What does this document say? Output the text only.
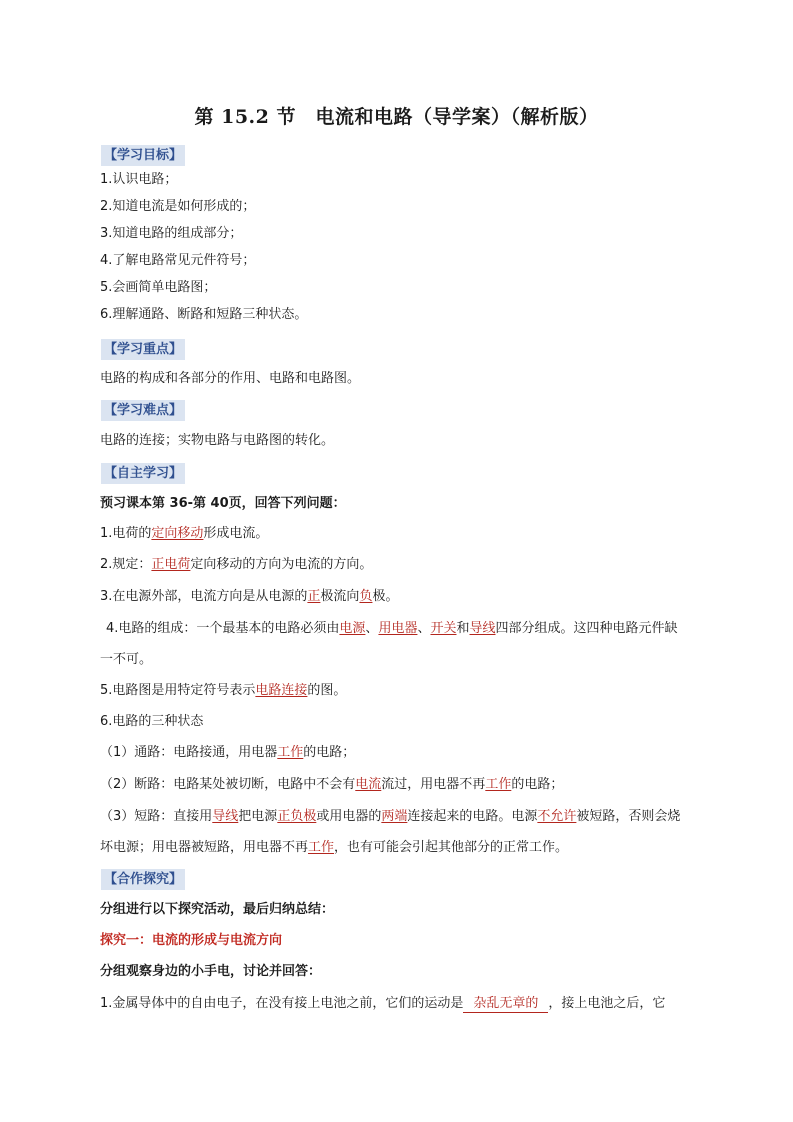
第 15.2 节　电流和电路（导学案）（解析版）
【学习目标】
1.认识电路；
2.知道电流是如何形成的；
3.知道电路的组成部分；
4.了解电路常见元件符号；
5.会画简单电路图；
6.理解通路、断路和短路三种状态。
【学习重点】
电路的构成和各部分的作用、电路和电路图。
【学习难点】
电路的连接；实物电路与电路图的转化。
【自主学习】
预习课本第 36-第 40页，回答下列问题：
1.电荷的定向移动形成电流。
2.规定：正电荷定向移动的方向为电流的方向。
3.在电源外部，电流方向是从电源的正极流向负极。
4.电路的组成：一个最基本的电路必须由电源、用电器、开关和导线四部分组成。这四种电路元件缺
一不可。
5.电路图是用特定符号表示电路连接的图。
6.电路的三种状态
（1）通路：电路接通，用电器工作的电路；
（2）断路：电路某处被切断，电路中不会有电流流过，用电器不再工作的电路；
（3）短路：直接用导线把电源正负极或用电器的两端连接起来的电路。电源不允许被短路，否则会烧
坏电源；用电器被短路，用电器不再工作，也有可能会引起其他部分的正常工作。
【合作探究】
分组进行以下探究活动，最后归纳总结：
探究一：电流的形成与电流方向
分组观察身边的小手电，讨论并回答：
1.金属导体中的自由电子，在没有接上电池之前，它们的运动是 杂乱无章的 ，接上电池之后，它
